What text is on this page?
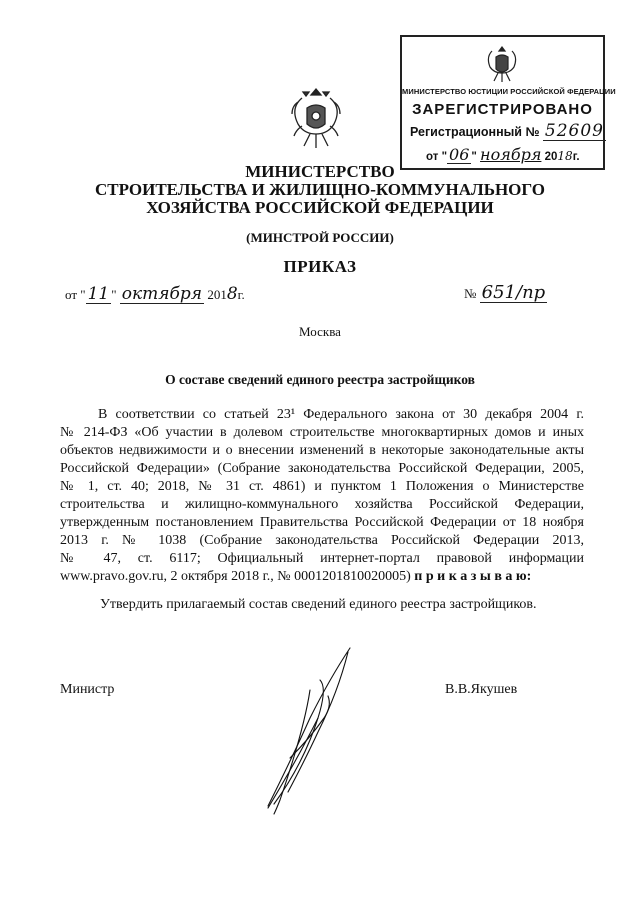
МИНИСТЕРСТВО ЮСТИЦИИ РОССИЙСКОЙ ФЕДЕРАЦИИ
ЗАРЕГИСТРИРОВАНО
Регистрационный № 52609
от " 06 " ноября 2018г.
МИНИСТЕРСТВО
СТРОИТЕЛЬСТВА И ЖИЛИЩНО-КОММУНАЛЬНОГО
ХОЗЯЙСТВА РОССИЙСКОЙ ФЕДЕРАЦИИ
(МИНСТРОЙ РОССИИ)
ПРИКАЗ
от " 11 " октября 2018г.	№ 651/пр
Москва
О составе сведений единого реестра застройщиков
В соответствии со статьей 23¹ Федерального закона от 30 декабря 2004 г.
№ 214-ФЗ «Об участии в долевом строительстве многоквартирных домов и иных
объектов недвижимости и о внесении изменений в некоторые законодательные акты
Российской Федерации» (Собрание законодательства Российской Федерации, 2005,
№ 1, ст. 40; 2018, № 31 ст. 4861) и пунктом 1 Положения о Министерстве
строительства и жилищно-коммунального хозяйства Российской Федерации,
утвержденным постановлением Правительства Российской Федерации от 18 ноября
2013 г. № 1038 (Собрание законодательства Российской Федерации 2013,
№ 47, ст. 6117; Официальный интернет-портал правовой информации
www.pravo.gov.ru, 2 октября 2018 г., № 0001201810020005) п р и к а з ы в а ю:
Утвердить прилагаемый состав сведений единого реестра застройщиков.
Министр	В.В.Якушев
